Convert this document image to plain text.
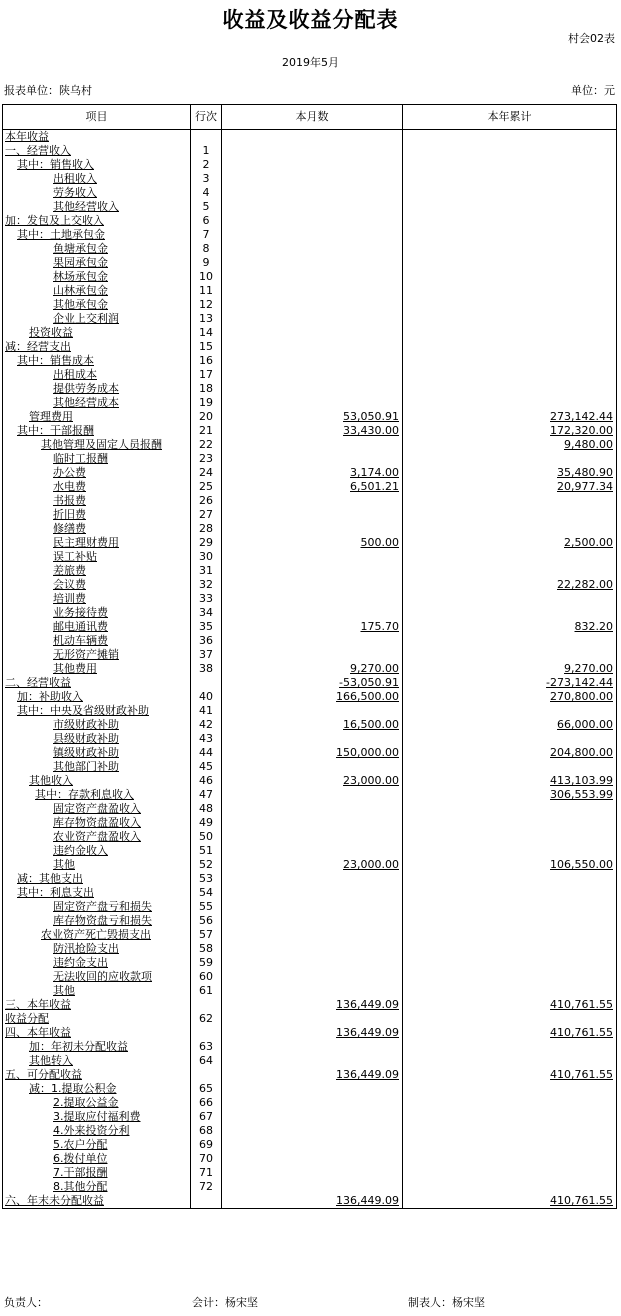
收益及收益分配表
村会02表
2019年5月
报表单位：陕乌村	单位：元
项目	行次	本月数	本年累计
本年收益			
一、经营收入	1		
其中：销售收入	2		
出租收入	3		
劳务收入	4		
其他经营收入	5		
加：发包及上交收入	6		
其中：土地承包金	7		
鱼塘承包金	8		
果园承包金	9		
林场承包金	10		
山林承包金	11		
其他承包金	12		
企业上交利润	13		
投资收益	14		
减：经营支出	15		
其中：销售成本	16		
出租成本	17		
提供劳务成本	18		
其他经营成本	19		
管理费用	20	53,050.91	273,142.44
其中：干部报酬	21	33,430.00	172,320.00
其他管理及固定人员报酬	22		9,480.00
临时工报酬	23		
办公费	24	3,174.00	35,480.90
水电费	25	6,501.21	20,977.34
书报费	26		
折旧费	27		
修缮费	28		
民主理财费用	29	500.00	2,500.00
误工补贴	30		
差旅费	31		
会议费	32		22,282.00
培训费	33		
业务接待费	34		
邮电通讯费	35	175.70	832.20
机动车辆费	36		
无形资产摊销	37		
其他费用	38	9,270.00	9,270.00
二、经营收益		-53,050.91	-273,142.44
加：补助收入	40	166,500.00	270,800.00
其中：中央及省级财政补助	41		
市级财政补助	42	16,500.00	66,000.00
县级财政补助	43		
镇级财政补助	44	150,000.00	204,800.00
其他部门补助	45		
其他收入	46	23,000.00	413,103.99
其中：存款利息收入	47		306,553.99
固定资产盘盈收入	48		
库存物资盘盈收入	49		
农业资产盘盈收入	50		
违约金收入	51		
其他	52	23,000.00	106,550.00
减：其他支出	53		
其中：利息支出	54		
固定资产盘亏和损失	55		
库存物资盘亏和损失	56		
农业资产死亡毁损支出	57		
防汛抢险支出	58		
违约金支出	59		
无法收回的应收款项	60		
其他	61		
三、本年收益		136,449.09	410,761.55
收益分配	62		
四、本年收益		136,449.09	410,761.55
加：年初未分配收益	63		
其他转入	64		
五、可分配收益		136,449.09	410,761.55
减：1.提取公积金	65		
2.提取公益金	66		
3.提取应付福利费	67		
4.外来投资分利	68		
5.农户分配	69		
6.拨付单位	70		
7.干部报酬	71		
8.其他分配	72		
六、年末未分配收益		136,449.09	410,761.55
负责人：	会计：杨宋坚	制表人：杨宋坚
